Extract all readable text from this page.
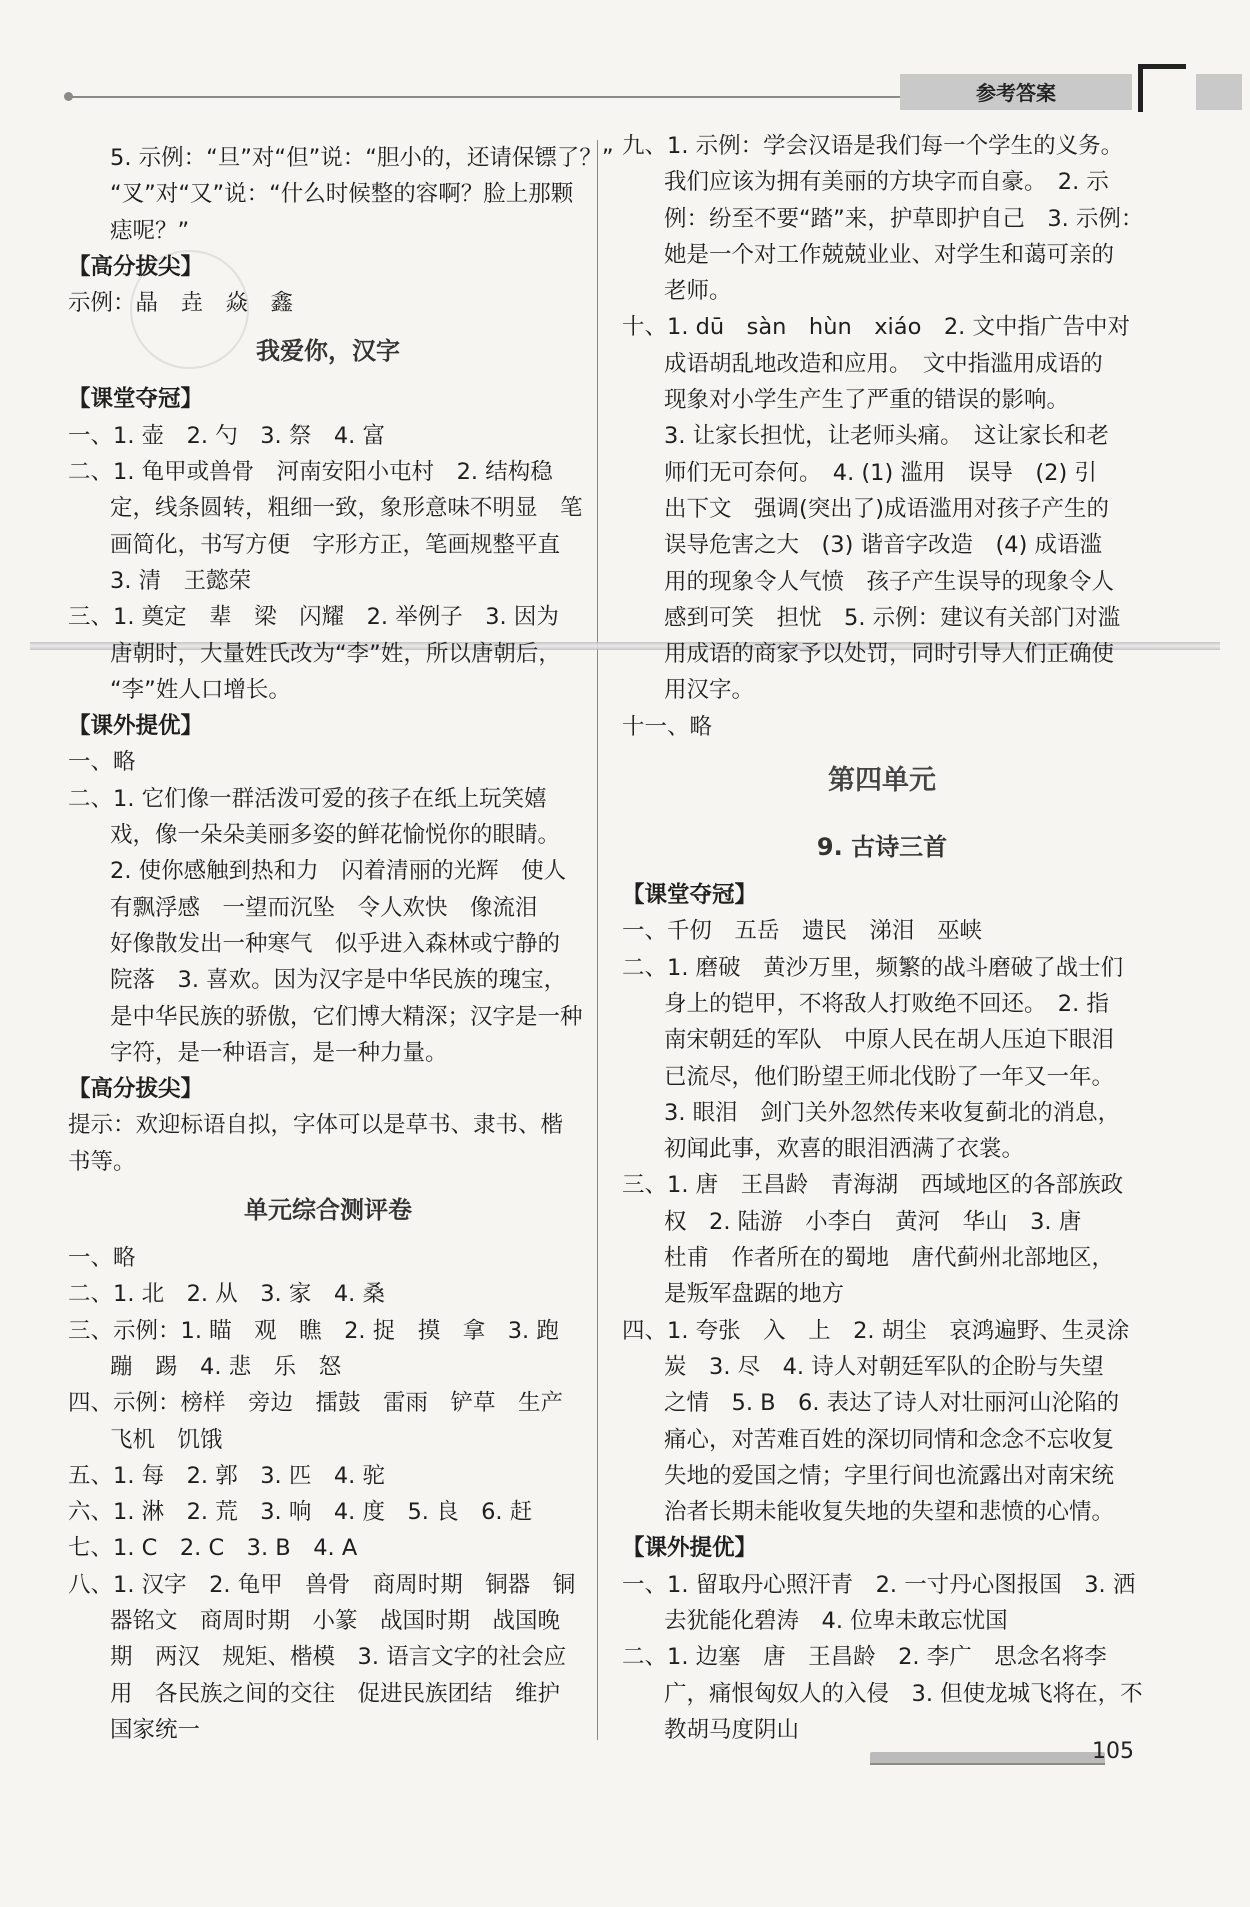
参考答案
5. 示例：“旦”对“但”说：“胆小的，还请保镖了？”
“叉”对“又”说：“什么时候整的容啊？脸上那颗
痣呢？”
【高分拔尖】
示例：晶　垚　焱　鑫
我爱你，汉字
【课堂夺冠】
一、1. 壶　2. 勺　3. 祭　4. 富
二、1. 龟甲或兽骨　河南安阳小屯村　2. 结构稳
定，线条圆转，粗细一致，象形意味不明显　笔
画简化，书写方便　字形方正，笔画规整平直
3. 清　王懿荣
三、1. 奠定　辈　梁　闪耀　2. 举例子　3. 因为
唐朝时，大量姓氏改为“李”姓，所以唐朝后，
“李”姓人口增长。
【课外提优】
一、略
二、1. 它们像一群活泼可爱的孩子在纸上玩笑嬉
戏，像一朵朵美丽多姿的鲜花愉悦你的眼睛。
2. 使你感触到热和力　闪着清丽的光辉　使人
有飘浮感　一望而沉坠　令人欢快　像流泪
好像散发出一种寒气　似乎进入森林或宁静的
院落　3. 喜欢。因为汉字是中华民族的瑰宝，
是中华民族的骄傲，它们博大精深；汉字是一种
字符，是一种语言，是一种力量。
【高分拔尖】
提示：欢迎标语自拟，字体可以是草书、隶书、楷
书等。
单元综合测评卷
一、略
二、1. 北　2. 从　3. 家　4. 桑
三、示例：1. 瞄　观　瞧　2. 捉　摸　拿　3. 跑
蹦　踢　4. 悲　乐　怒
四、示例：榜样　旁边　擂鼓　雷雨　铲草　生产
飞机　饥饿
五、1. 每　2. 郭　3. 匹　4. 驼
六、1. 淋　2. 荒　3. 响　4. 度　5. 良　6. 赶
七、1. C　2. C　3. B　4. A
八、1. 汉字　2. 龟甲　兽骨　商周时期　铜器　铜
器铭文　商周时期　小篆　战国时期　战国晚
期　两汉　规矩、楷模　3. 语言文字的社会应
用　各民族之间的交往　促进民族团结　维护
国家统一
九、1. 示例：学会汉语是我们每一个学生的义务。
我们应该为拥有美丽的方块字而自豪。　2. 示
例：纷至不要“踏”来，护草即护自己　3. 示例：
她是一个对工作兢兢业业、对学生和蔼可亲的
老师。
十、1. dū　sàn　hùn　xiáo　2. 文中指广告中对
成语胡乱地改造和应用。　文中指滥用成语的
现象对小学生产生了严重的错误的影响。
3. 让家长担忧，让老师头痛。　这让家长和老
师们无可奈何。　4. (1) 滥用　误导　(2) 引
出下文　强调(突出了)成语滥用对孩子产生的
误导危害之大　(3) 谐音字改造　(4) 成语滥
用的现象令人气愤　孩子产生误导的现象令人
感到可笑　担忧　5. 示例：建议有关部门对滥
用成语的商家予以处罚，同时引导人们正确使
用汉字。
十一、略
第四单元
9. 古诗三首
【课堂夺冠】
一、千仞　五岳　遗民　涕泪　巫峡
二、1. 磨破　黄沙万里，频繁的战斗磨破了战士们
身上的铠甲，不将敌人打败绝不回还。　2. 指
南宋朝廷的军队　中原人民在胡人压迫下眼泪
已流尽，他们盼望王师北伐盼了一年又一年。
3. 眼泪　剑门关外忽然传来收复蓟北的消息，
初闻此事，欢喜的眼泪洒满了衣裳。
三、1. 唐　王昌龄　青海湖　西域地区的各部族政
权　2. 陆游　小李白　黄河　华山　3. 唐
杜甫　作者所在的蜀地　唐代蓟州北部地区，
是叛军盘踞的地方
四、1. 夸张　入　上　2. 胡尘　哀鸿遍野、生灵涂
炭　3. 尽　4. 诗人对朝廷军队的企盼与失望
之情　5. B　6. 表达了诗人对壮丽河山沦陷的
痛心，对苦难百姓的深切同情和念念不忘收复
失地的爱国之情；字里行间也流露出对南宋统
治者长期未能收复失地的失望和悲愤的心情。
【课外提优】
一、1. 留取丹心照汗青　2. 一寸丹心图报国　3. 洒
去犹能化碧涛　4. 位卑未敢忘忧国
二、1. 边塞　唐　王昌龄　2. 李广　思念名将李
广，痛恨匈奴人的入侵　3. 但使龙城飞将在，不
教胡马度阴山
105
